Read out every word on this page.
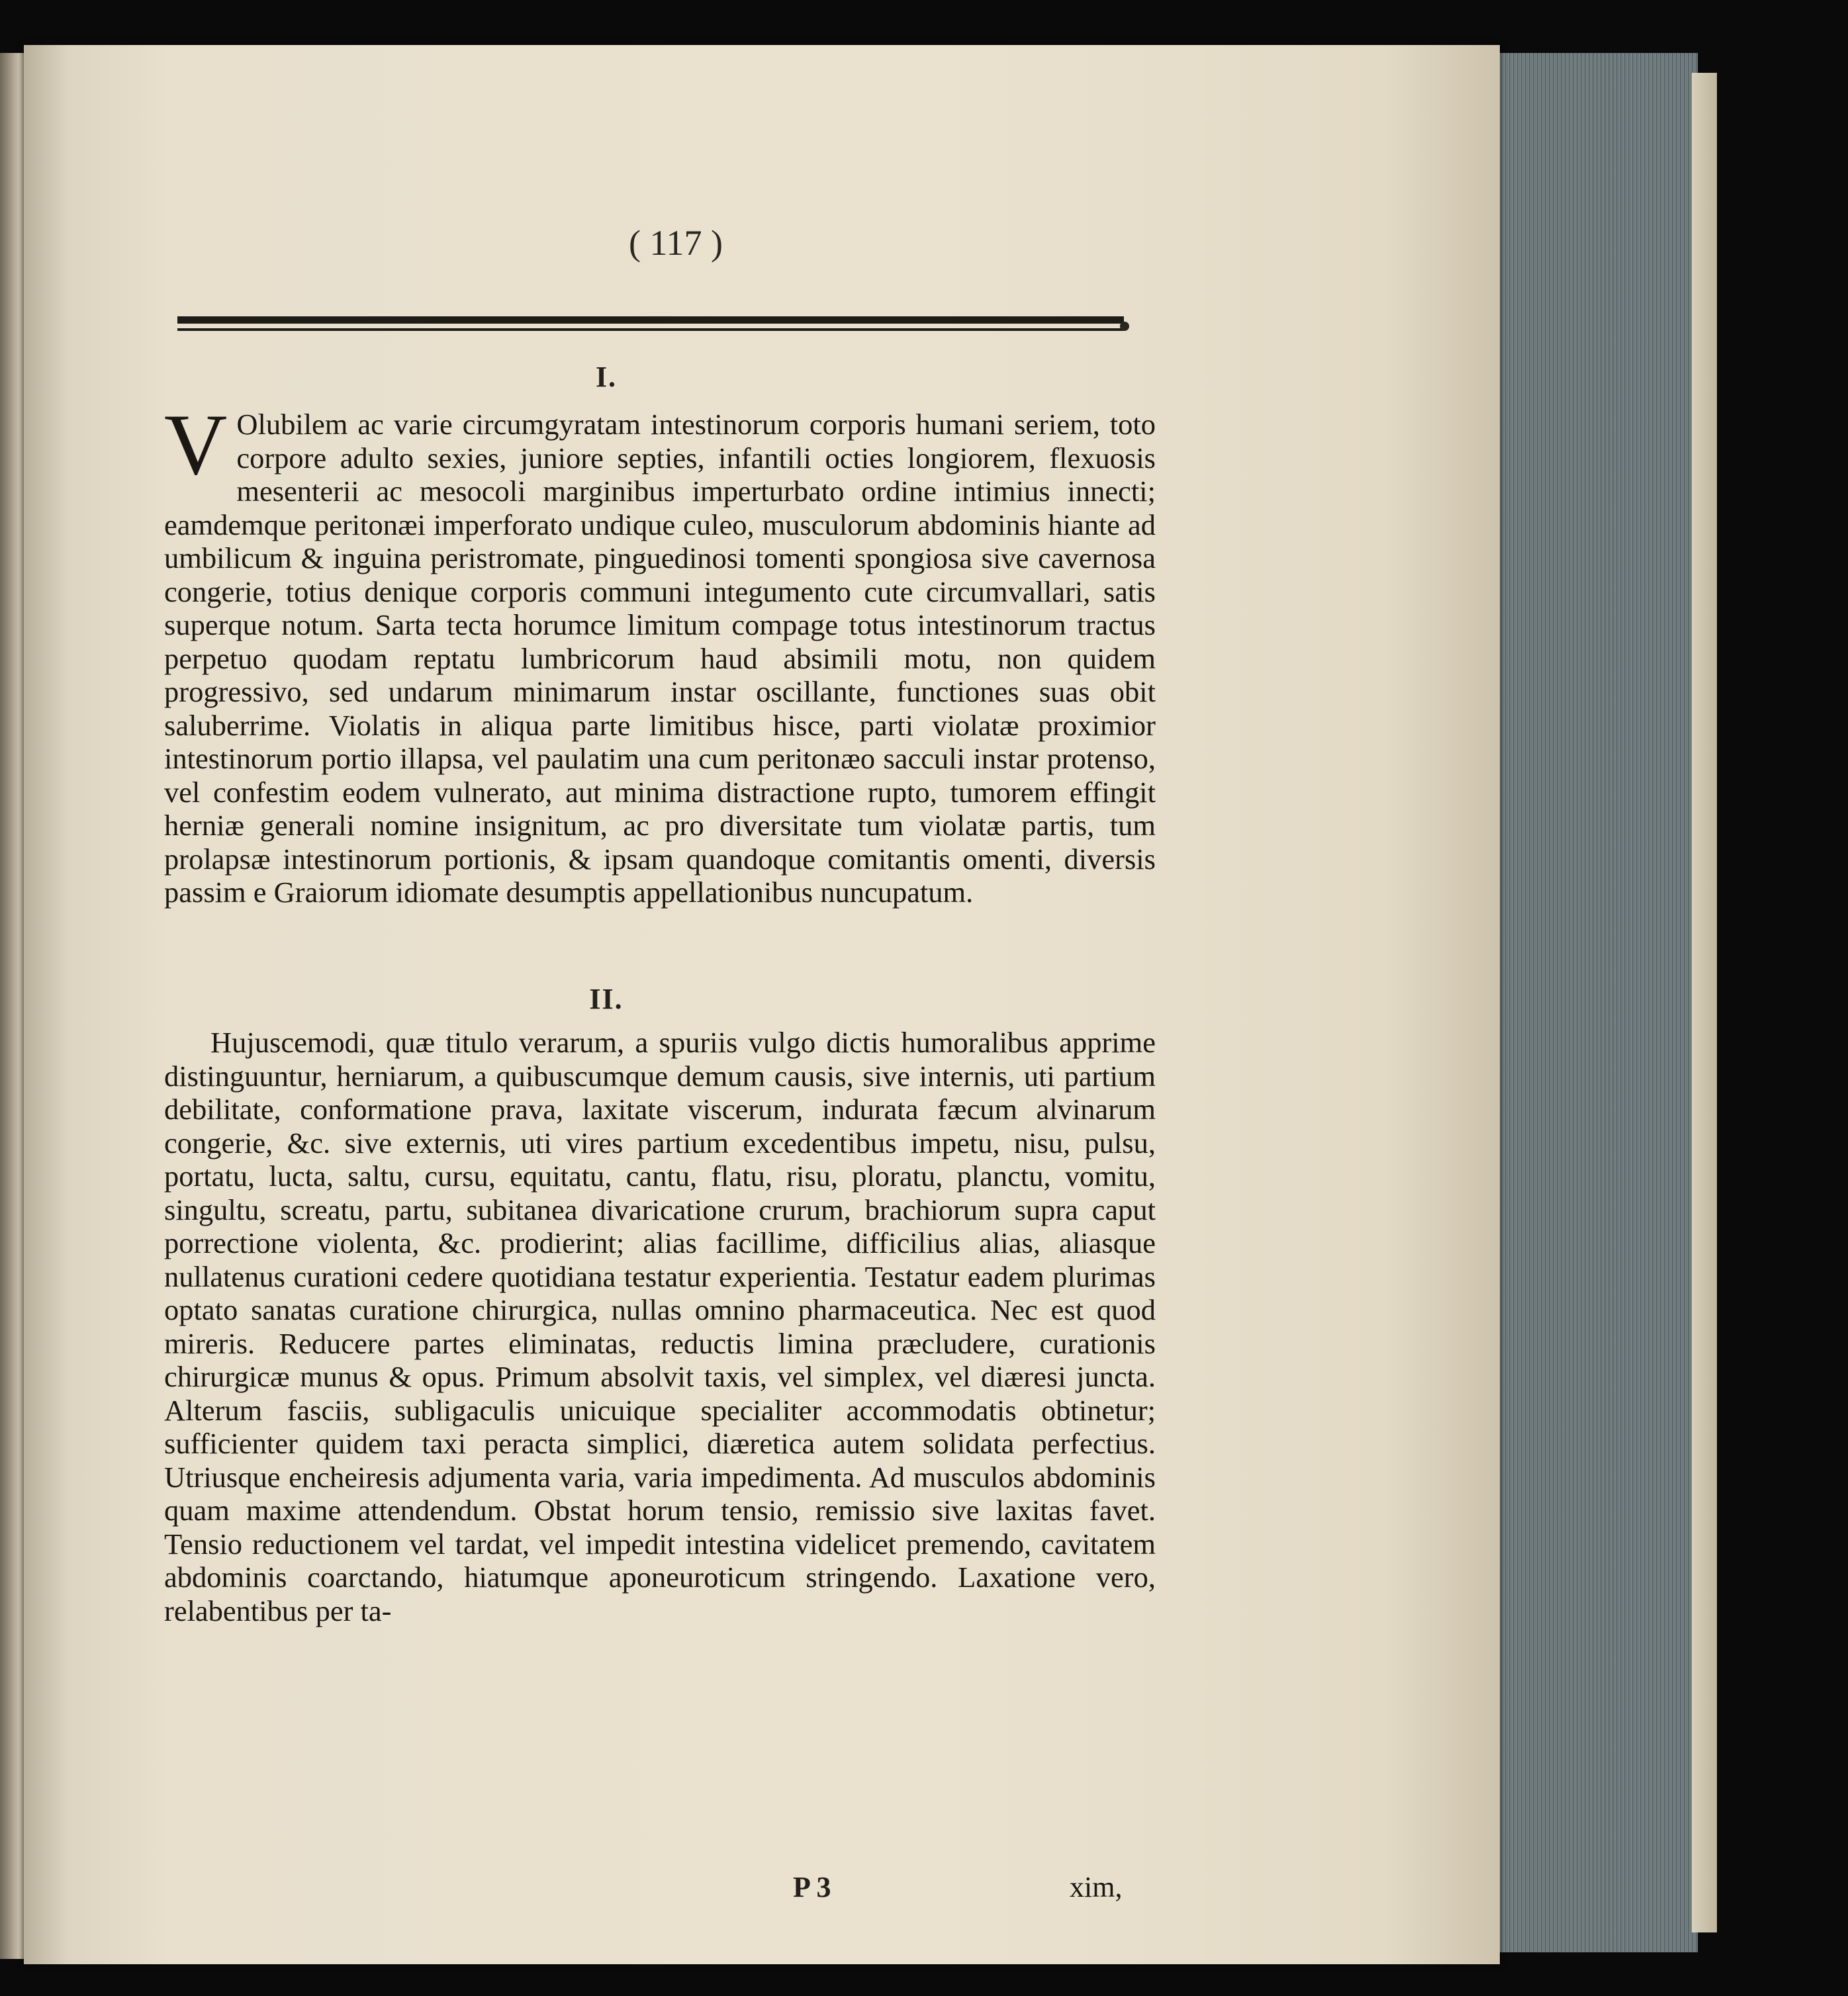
( 117 )
I.

V Olubilem ac varie circumgyratam intestinorum corporis humani seriem, toto corpore adulto sexies, juniore septies, infantili octies longiorem, flexuosis mesenterii ac mesocoli marginibus imperturbato ordine intimius innecti; eamdemque peritonæi imperforato undique culeo, musculorum abdominis hiante ad umbilicum & inguina peristromate, pinguedinosi tomenti spongiosa sive cavernosa congerie, totius denique corporis communi integumento cute circumvallari, satis superque notum. Sarta tecta horumce limitum compage totus intestinorum tractus perpetuo quodam reptatu lumbricorum haud absimili motu, non quidem progressivo, sed undarum minimarum instar oscillante, functiones suas obit saluberrime. Violatis in aliqua parte limitibus hisce, parti violatæ proximior intestinorum portio illapsa, vel paulatim una cum peritonæo sacculi instar protenso, vel confestim eodem vulnerato, aut minima distractione rupto, tumorem effingit herniæ generali nomine insignitum, ac pro diversitate tum violatæ partis, tum prolapsæ intestinorum portionis, & ipsam quandoque comitantis omenti, diversis passim e Graiorum idiomate desumptis appellationibus nuncupatum.

II.

Hujuscemodi, quæ titulo verarum, a spuriis vulgo dictis humoralibus apprime distinguuntur, herniarum, a quibuscumque demum causis, sive internis, uti partium debilitate, conformatione prava, laxitate viscerum, indurata fæcum alvinarum congerie, &c. sive externis, uti vires partium excedentibus impetu, nisu, pulsu, portatu, lucta, saltu, cursu, equitatu, cantu, flatu, risu, ploratu, planctu, vomitu, singultu, screatu, partu, subitanea divaricatione crurum, brachiorum supra caput porrectione violenta, &c. prodierint; alias facillime, difficilius alias, aliasque nullatenus curationi cedere quotidiana testatur experientia. Testatur eadem plurimas optato sanatas curatione chirurgica, nullas omnino pharmaceutica. Nec est quod mireris. Reducere partes eliminatas, reductis limina præcludere, curationis chirurgicæ munus & opus. Primum absolvit taxis, vel simplex, vel diæresi juncta. Alterum fasciis, subligaculis unicuique specialiter accommodatis obtinetur; sufficienter quidem taxi peracta simplici, diæretica autem solidata perfectius. Utriusque encheiresis adjumenta varia, varia impedimenta. Ad musculos abdominis quam maxime attendendum. Obstat horum tensio, remissio sive laxitas favet. Tensio reductionem vel tardat, vel impedit intestina videlicet premendo, cavitatem abdominis coarctando, hiatumque aponeuroticum stringendo. Laxatione vero, relabentibus per ta-

P 3	xim,
